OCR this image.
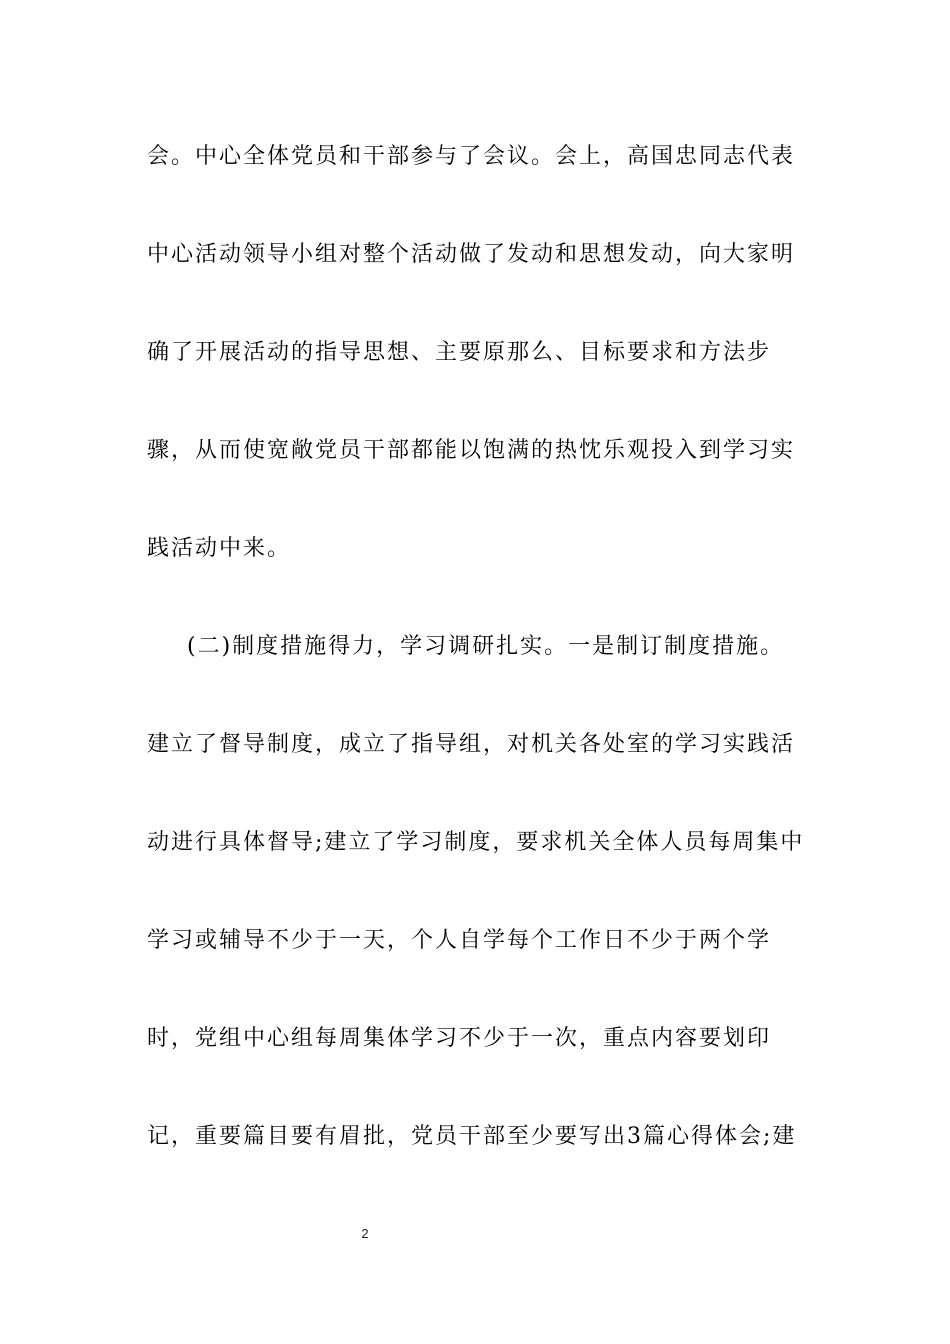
会。中心全体党员和干部参与了会议。会上，高国忠同志代表
中心活动领导小组对整个活动做了发动和思想发动，向大家明
确了开展活动的指导思想、主要原那么、目标要求和方法步
骤，从而使宽敞党员干部都能以饱满的热忱乐观投入到学习实
践活动中来。
(二)制度措施得力，学习调研扎实。一是制订制度措施。
建立了督导制度，成立了指导组，对机关各处室的学习实践活
动进行具体督导;建立了学习制度，要求机关全体人员每周集中
学习或辅导不少于一天，个人自学每个工作日不少于两个学
时，党组中心组每周集体学习不少于一次，重点内容要划印
记，重要篇目要有眉批，党员干部至少要写出3篇心得体会;建
2
